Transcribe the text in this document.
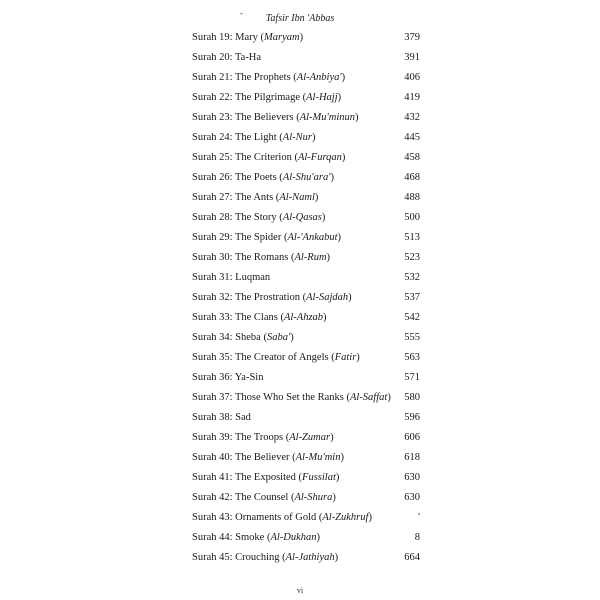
-	Tafsir Ibn 'Abbas
Surah 19: Mary (Maryam)	379
Surah 20: Ta-Ha	391
Surah 21: The Prophets (Al-Anbiya')	406
Surah 22: The Pilgrimage (Al-Hajj)	419
Surah 23: The Believers (Al-Mu'minun)	432
Surah 24: The Light (Al-Nur)	445
Surah 25: The Criterion (Al-Furqan)	458
Surah 26: The Poets (Al-Shu'ara')	468
Surah 27: The Ants (Al-Naml)	488
Surah 28: The Story (Al-Qasas)	500
Surah 29: The Spider (Al-'Ankabut)	513
Surah 30: The Romans (Al-Rum)	523
Surah 31: Luqman	532
Surah 32: The Prostration (Al-Sajdah)	537
Surah 33: The Clans (Al-Ahzab)	542
Surah 34: Sheba (Saba')	555
Surah 35: The Creator of Angels (Fatir)	563
Surah 36: Ya-Sin	571
Surah 37: Those Who Set the Ranks (Al-Saffat)	580
Surah 38: Sad	596
Surah 39: The Troops (Al-Zumar)	606
Surah 40: The Believer (Al-Mu'min)	618
Surah 41: The Exposited (Fussilat)	630
Surah 42: The Counsel (Al-Shura)	630
Surah 43: Ornaments of Gold (Al-Zukhruf)	'
Surah 44: Smoke (Al-Dukhan)	8
Surah 45: Crouching (Al-Jathiyah)	664
vi
